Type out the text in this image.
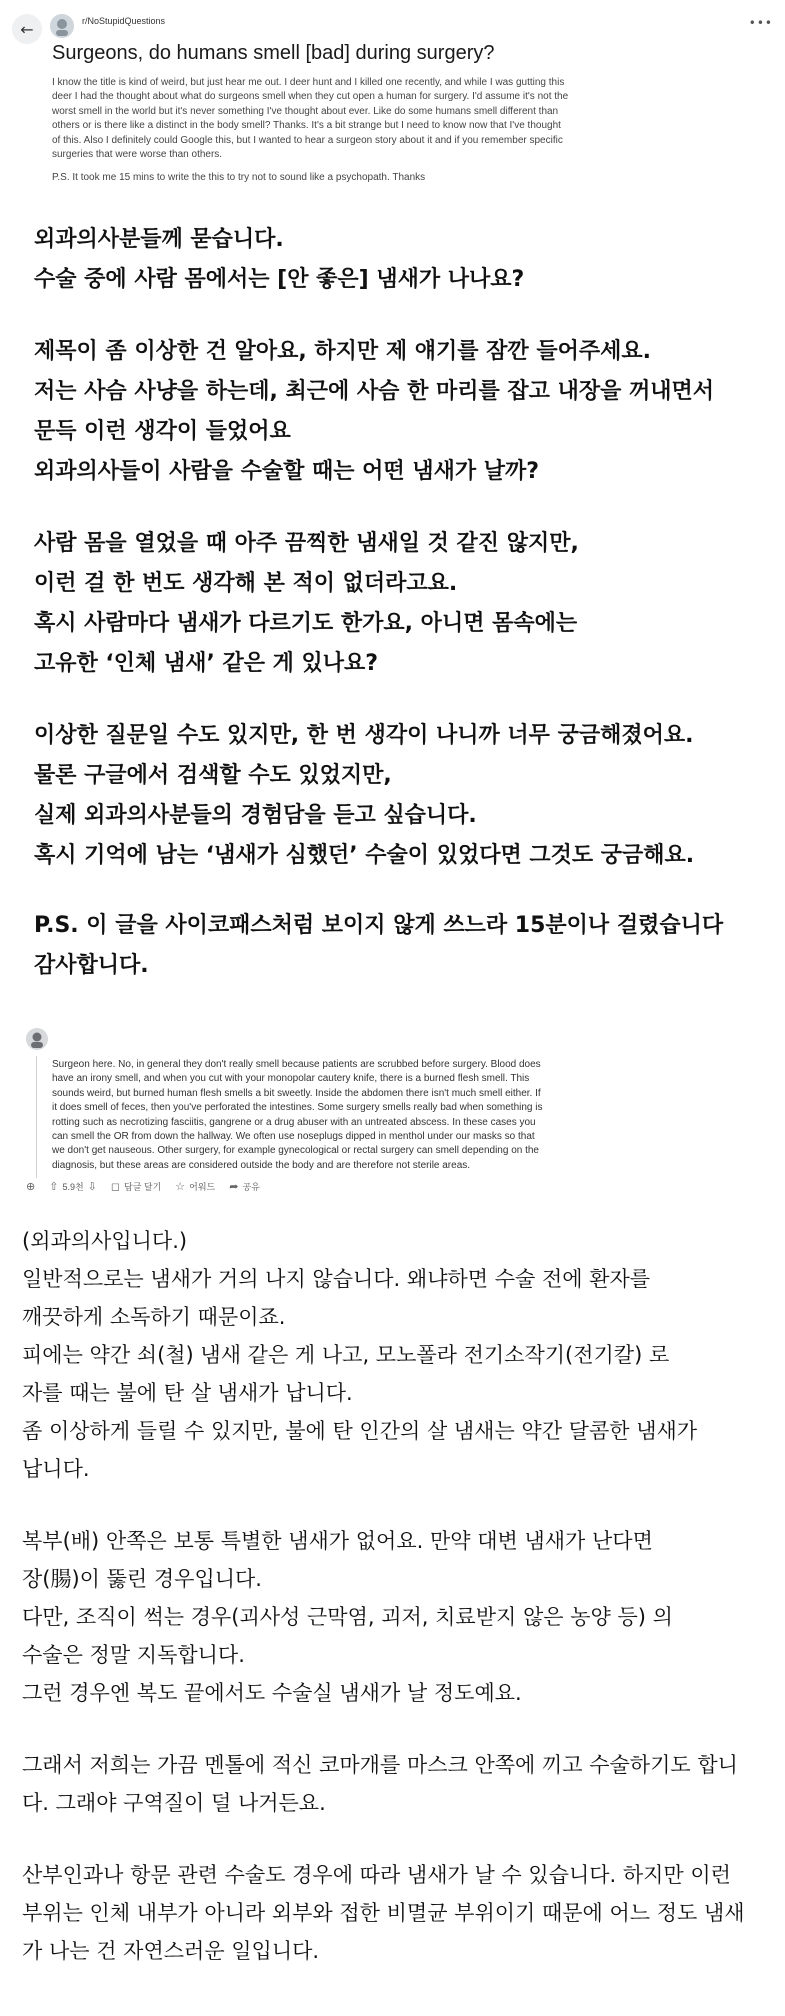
←	r/NoStupidQuestions	•••
Surgeons, do humans smell [bad] during surgery?
I know the title is kind of weird, but just hear me out. I deer hunt and I killed one recently, and while I was gutting this
deer I had the thought about what do surgeons smell when they cut open a human for surgery. I'd assume it's not the
worst smell in the world but it's never something I've thought about ever. Like do some humans smell different than
others or is there like a distinct in the body smell? Thanks. It's a bit strange but I need to know now that I've thought
of this. Also I definitely could Google this, but I wanted to hear a surgeon story about it and if you remember specific
surgeries that were worse than others.
P.S. It took me 15 mins to write the this to try not to sound like a psychopath. Thanks
외과의사분들께 묻습니다.
수술 중에 사람 몸에서는 [안 좋은] 냄새가 나나요?
제목이 좀 이상한 건 알아요, 하지만 제 얘기를 잠깐 들어주세요.
저는 사슴 사냥을 하는데, 최근에 사슴 한 마리를 잡고 내장을 꺼내면서
문득 이런 생각이 들었어요
외과의사들이 사람을 수술할 때는 어떤 냄새가 날까?
사람 몸을 열었을 때 아주 끔찍한 냄새일 것 같진 않지만,
이런 걸 한 번도 생각해 본 적이 없더라고요.
혹시 사람마다 냄새가 다르기도 한가요, 아니면 몸속에는
고유한 ‘인체 냄새’ 같은 게 있나요?
이상한 질문일 수도 있지만, 한 번 생각이 나니까 너무 궁금해졌어요.
물론 구글에서 검색할 수도 있었지만,
실제 외과의사분들의 경험담을 듣고 싶습니다.
혹시 기억에 남는 ‘냄새가 심했던’ 수술이 있었다면 그것도 궁금해요.
P.S. 이 글을 사이코패스처럼 보이지 않게 쓰느라 15분이나 걸렸습니다
감사합니다.
Surgeon here. No, in general they don't really smell because patients are scrubbed before surgery. Blood does
have an irony smell, and when you cut with your monopolar cautery knife, there is a burned flesh smell. This
sounds weird, but burned human flesh smells a bit sweetly. Inside the abdomen there isn't much smell either. If
it does smell of feces, then you've perforated the intestines. Some surgery smells really bad when something is
rotting such as necrotizing fasciitis, gangrene or a drug abuser with an untreated abscess. In these cases you
can smell the OR from down the hallway. We often use noseplugs dipped in menthol under our masks so that
we don't get nauseous. Other surgery, for example gynecological or rectal surgery can smell depending on the
diagnosis, but these areas are considered outside the body and are therefore not sterile areas.
⊕ ⇧ 5.9천 ⇩ ◻ 답글 달기 ☆ 어워드 ➦ 공유
(외과의사입니다.)
일반적으로는 냄새가 거의 나지 않습니다. 왜냐하면 수술 전에 환자를
깨끗하게 소독하기 때문이죠.
피에는 약간 쇠(철) 냄새 같은 게 나고, 모노폴라 전기소작기(전기칼) 로
자를 때는 불에 탄 살 냄새가 납니다.
좀 이상하게 들릴 수 있지만, 불에 탄 인간의 살 냄새는 약간 달콤한 냄새가
납니다.
복부(배) 안쪽은 보통 특별한 냄새가 없어요. 만약 대변 냄새가 난다면
장(腸)이 뚫린 경우입니다.
다만, 조직이 썩는 경우(괴사성 근막염, 괴저, 치료받지 않은 농양 등) 의
수술은 정말 지독합니다.
그런 경우엔 복도 끝에서도 수술실 냄새가 날 정도예요.
그래서 저희는 가끔 멘톨에 적신 코마개를 마스크 안쪽에 끼고 수술하기도 합니
다. 그래야 구역질이 덜 나거든요.
산부인과나 항문 관련 수술도 경우에 따라 냄새가 날 수 있습니다. 하지만 이런
부위는 인체 내부가 아니라 외부와 접한 비멸균 부위이기 때문에 어느 정도 냄새
가 나는 건 자연스러운 일입니다.
